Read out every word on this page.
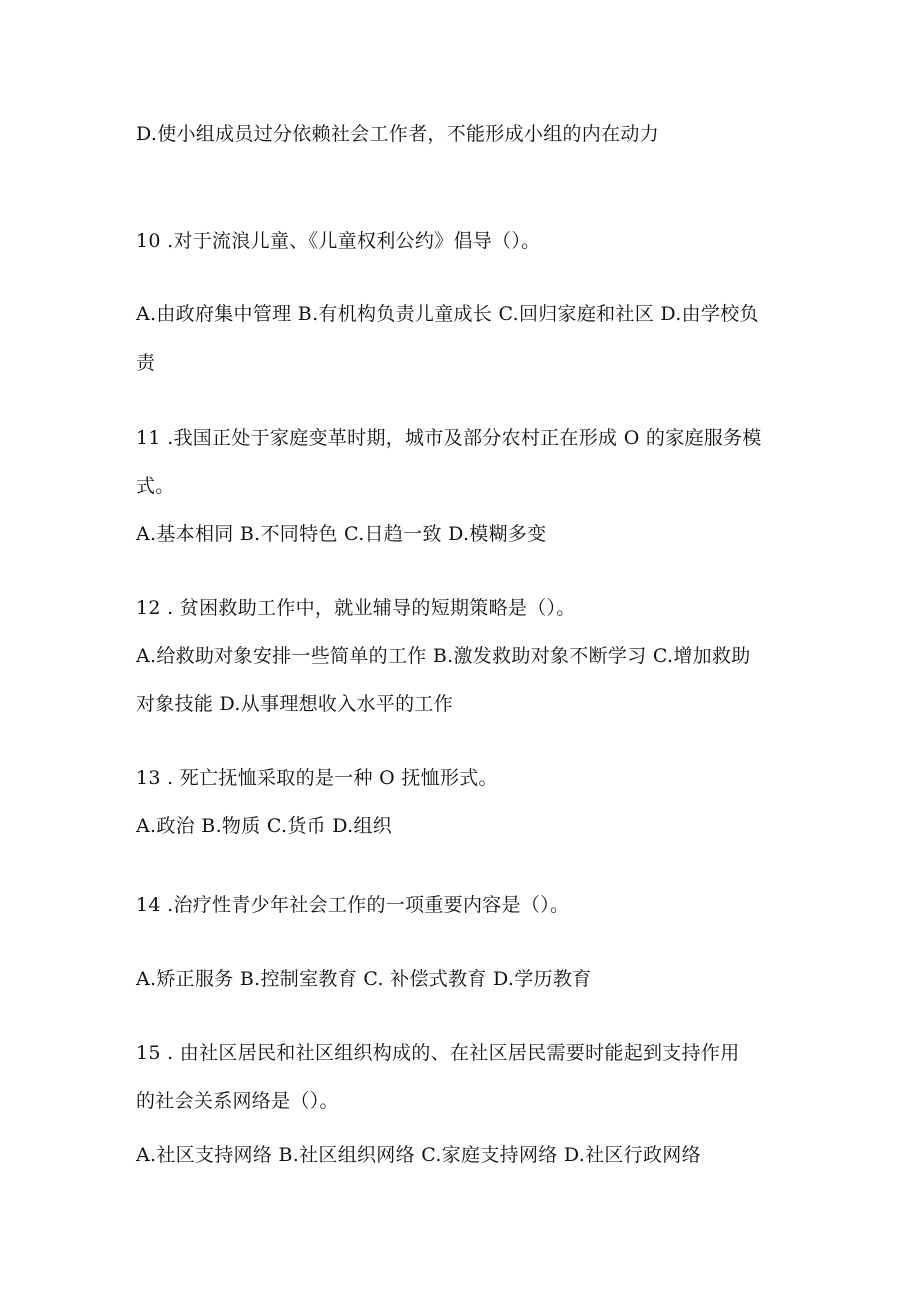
D.使小组成员过分依赖社会工作者，不能形成小组的内在动力
10 .对于流浪儿童、《儿童权利公约》倡导（）。
A.由政府集中管理 B.有机构负责儿童成长 C.回归家庭和社区 D.由学校负
责
11 .我国正处于家庭变革时期，城市及部分农村正在形成 O 的家庭服务模
式。
A.基本相同 B.不同特色 C.日趋一致 D.模糊多变
12 . 贫困救助工作中，就业辅导的短期策略是（）。
A.给救助对象安排一些简单的工作 B.激发救助对象不断学习 C.增加救助
对象技能 D.从事理想收入水平的工作
13 . 死亡抚恤采取的是一种 O 抚恤形式。
A.政治 B.物质 C.货币 D.组织
14 .治疗性青少年社会工作的一项重要内容是（）。
A.矫正服务 B.控制室教育 C. 补偿式教育 D.学历教育
15 . 由社区居民和社区组织构成的、在社区居民需要时能起到支持作用
的社会关系网络是（）。
A.社区支持网络 B.社区组织网络 C.家庭支持网络 D.社区行政网络
